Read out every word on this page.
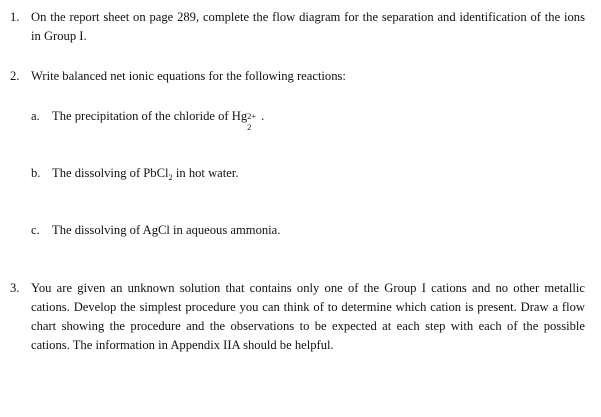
1. On the report sheet on page 289, complete the flow diagram for the separation and identification of the ions in Group I.
2. Write balanced net ionic equations for the following reactions:
a. The precipitation of the chloride of Hg 2+
2
.
b. The dissolving of PbCl$_2$ in hot water.
c. The dissolving of AgCl in aqueous ammonia.
3. You are given an unknown solution that contains only one of the Group I cations and no other metallic cations. Develop the simplest procedure you can think of to determine which cation is present. Draw a flow chart showing the procedure and the observations to be expected at each step with each of the possible cations. The information in Appendix IIA should be helpful.
